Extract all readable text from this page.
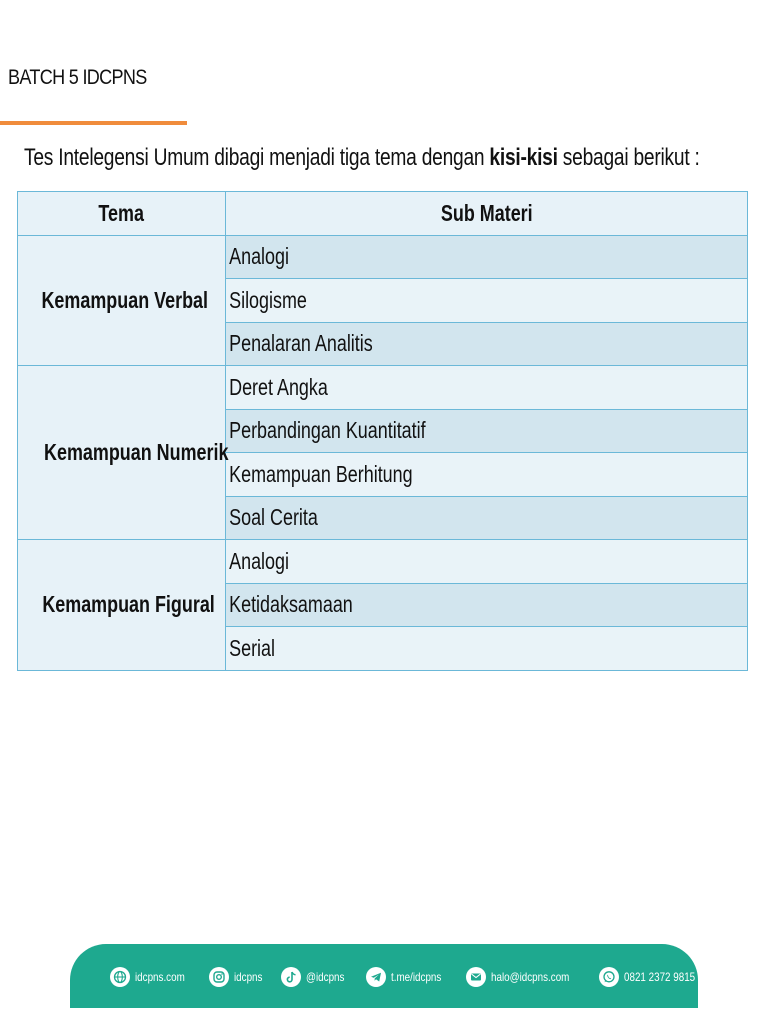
BATCH 5 IDCPNS
Tes Intelegensi Umum dibagi menjadi tiga tema dengan kisi-kisi sebagai berikut :
Tema	Sub Materi
Kemampuan Verbal	Analogi
	Silogisme
	Penalaran Analitis
Kemampuan Numerik	Deret Angka
	Perbandingan Kuantitatif
	Kemampuan Berhitung
	Soal Cerita
Kemampuan Figural	Analogi
	Ketidaksamaan
	Serial
idcpns.com	idcpns	@idcpns	t.me/idcpns	halo@idcpns.com	0821 2372 9815
